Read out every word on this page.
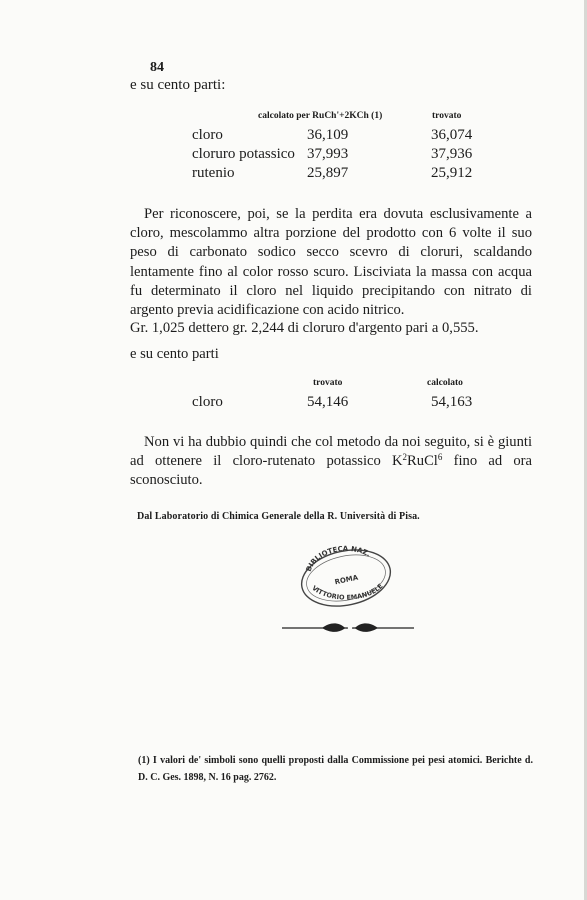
84
e su cento parti:
calcolato per RuCh'+2KCh (1)	trovato
cloro	36,109	36,074
cloruro potassico 37,993	37,936
rutenio	25,897	25,912

Per riconoscere, poi, se la perdita era dovuta esclusivamente a cloro, mescolammo altra porzione del prodotto con 6 volte il suo peso di carbonato sodico secco scevro di cloruri, scaldando lentamente fino al color rosso scuro. Lisciviata la massa con acqua fu determinato il cloro nel liquido precipitando con nitrato di argento previa acidificazione con acido nitrico.

Gr. 1,025 dettero gr. 2,244 di cloruro d'argento pari a 0,555.
e su cento parti
trovato	calcolato
cloro	54,146	54,163

Non vi ha dubbio quindi che col metodo da noi seguito, si è giunti ad ottenere il cloro-rutenato potassico $K^2RuCl^6$ fino ad ora sconosciuto.

Dal Laboratorio di Chimica Generale della R. Università di Pisa.
BIBLIOTECA NAZ.
ROMA
VITTORIO EMANUELE
(1) I valori de' simboli sono quelli proposti dalla Commissione pei pesi atomici. Berichte d. D. C. Ges. 1898, N. 16 pag. 2762.
